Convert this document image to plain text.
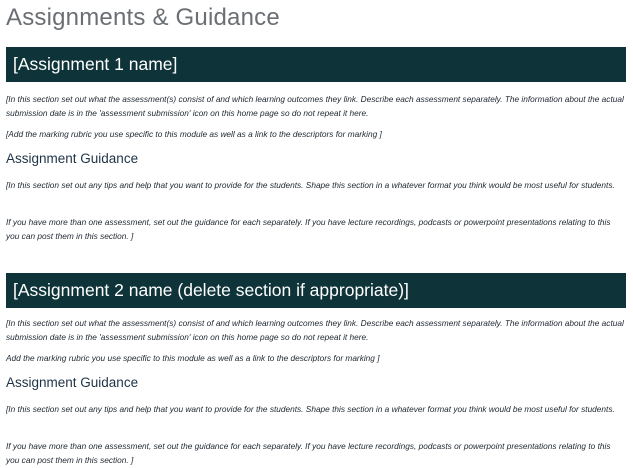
Assignments & Guidance
[Assignment 1 name]

[In this section set out what the assessment(s) consist of and which learning outcomes they link. Describe each assessment separately. The information about the actual submission date is in the 'assessment submission' icon on this home page so do not repeat it here.

[Add the marking rubric you use specific to this module as well as a link to the descriptors for marking ]

Assignment Guidance

[In this section set out any tips and help that you want to provide for the students. Shape this section in a whatever format you think would be most useful for students.

If you have more than one assessment, set out the guidance for each separately. If you have lecture recordings, podcasts or powerpoint presentations relating to this you can post them in this section. ]

[Assignment 2 name (delete section if appropriate)]

[In this section set out what the assessment(s) consist of and which learning outcomes they link. Describe each assessment separately. The information about the actual submission date is in the 'assessment submission' icon on this home page so do not repeat it here.

Add the marking rubric you use specific to this module as well as a link to the descriptors for marking ]

Assignment Guidance

[In this section set out any tips and help that you want to provide for the students. Shape this section in a whatever format you think would be most useful for students.

If you have more than one assessment, set out the guidance for each separately. If you have lecture recordings, podcasts or powerpoint presentations relating to this you can post them in this section. ]
